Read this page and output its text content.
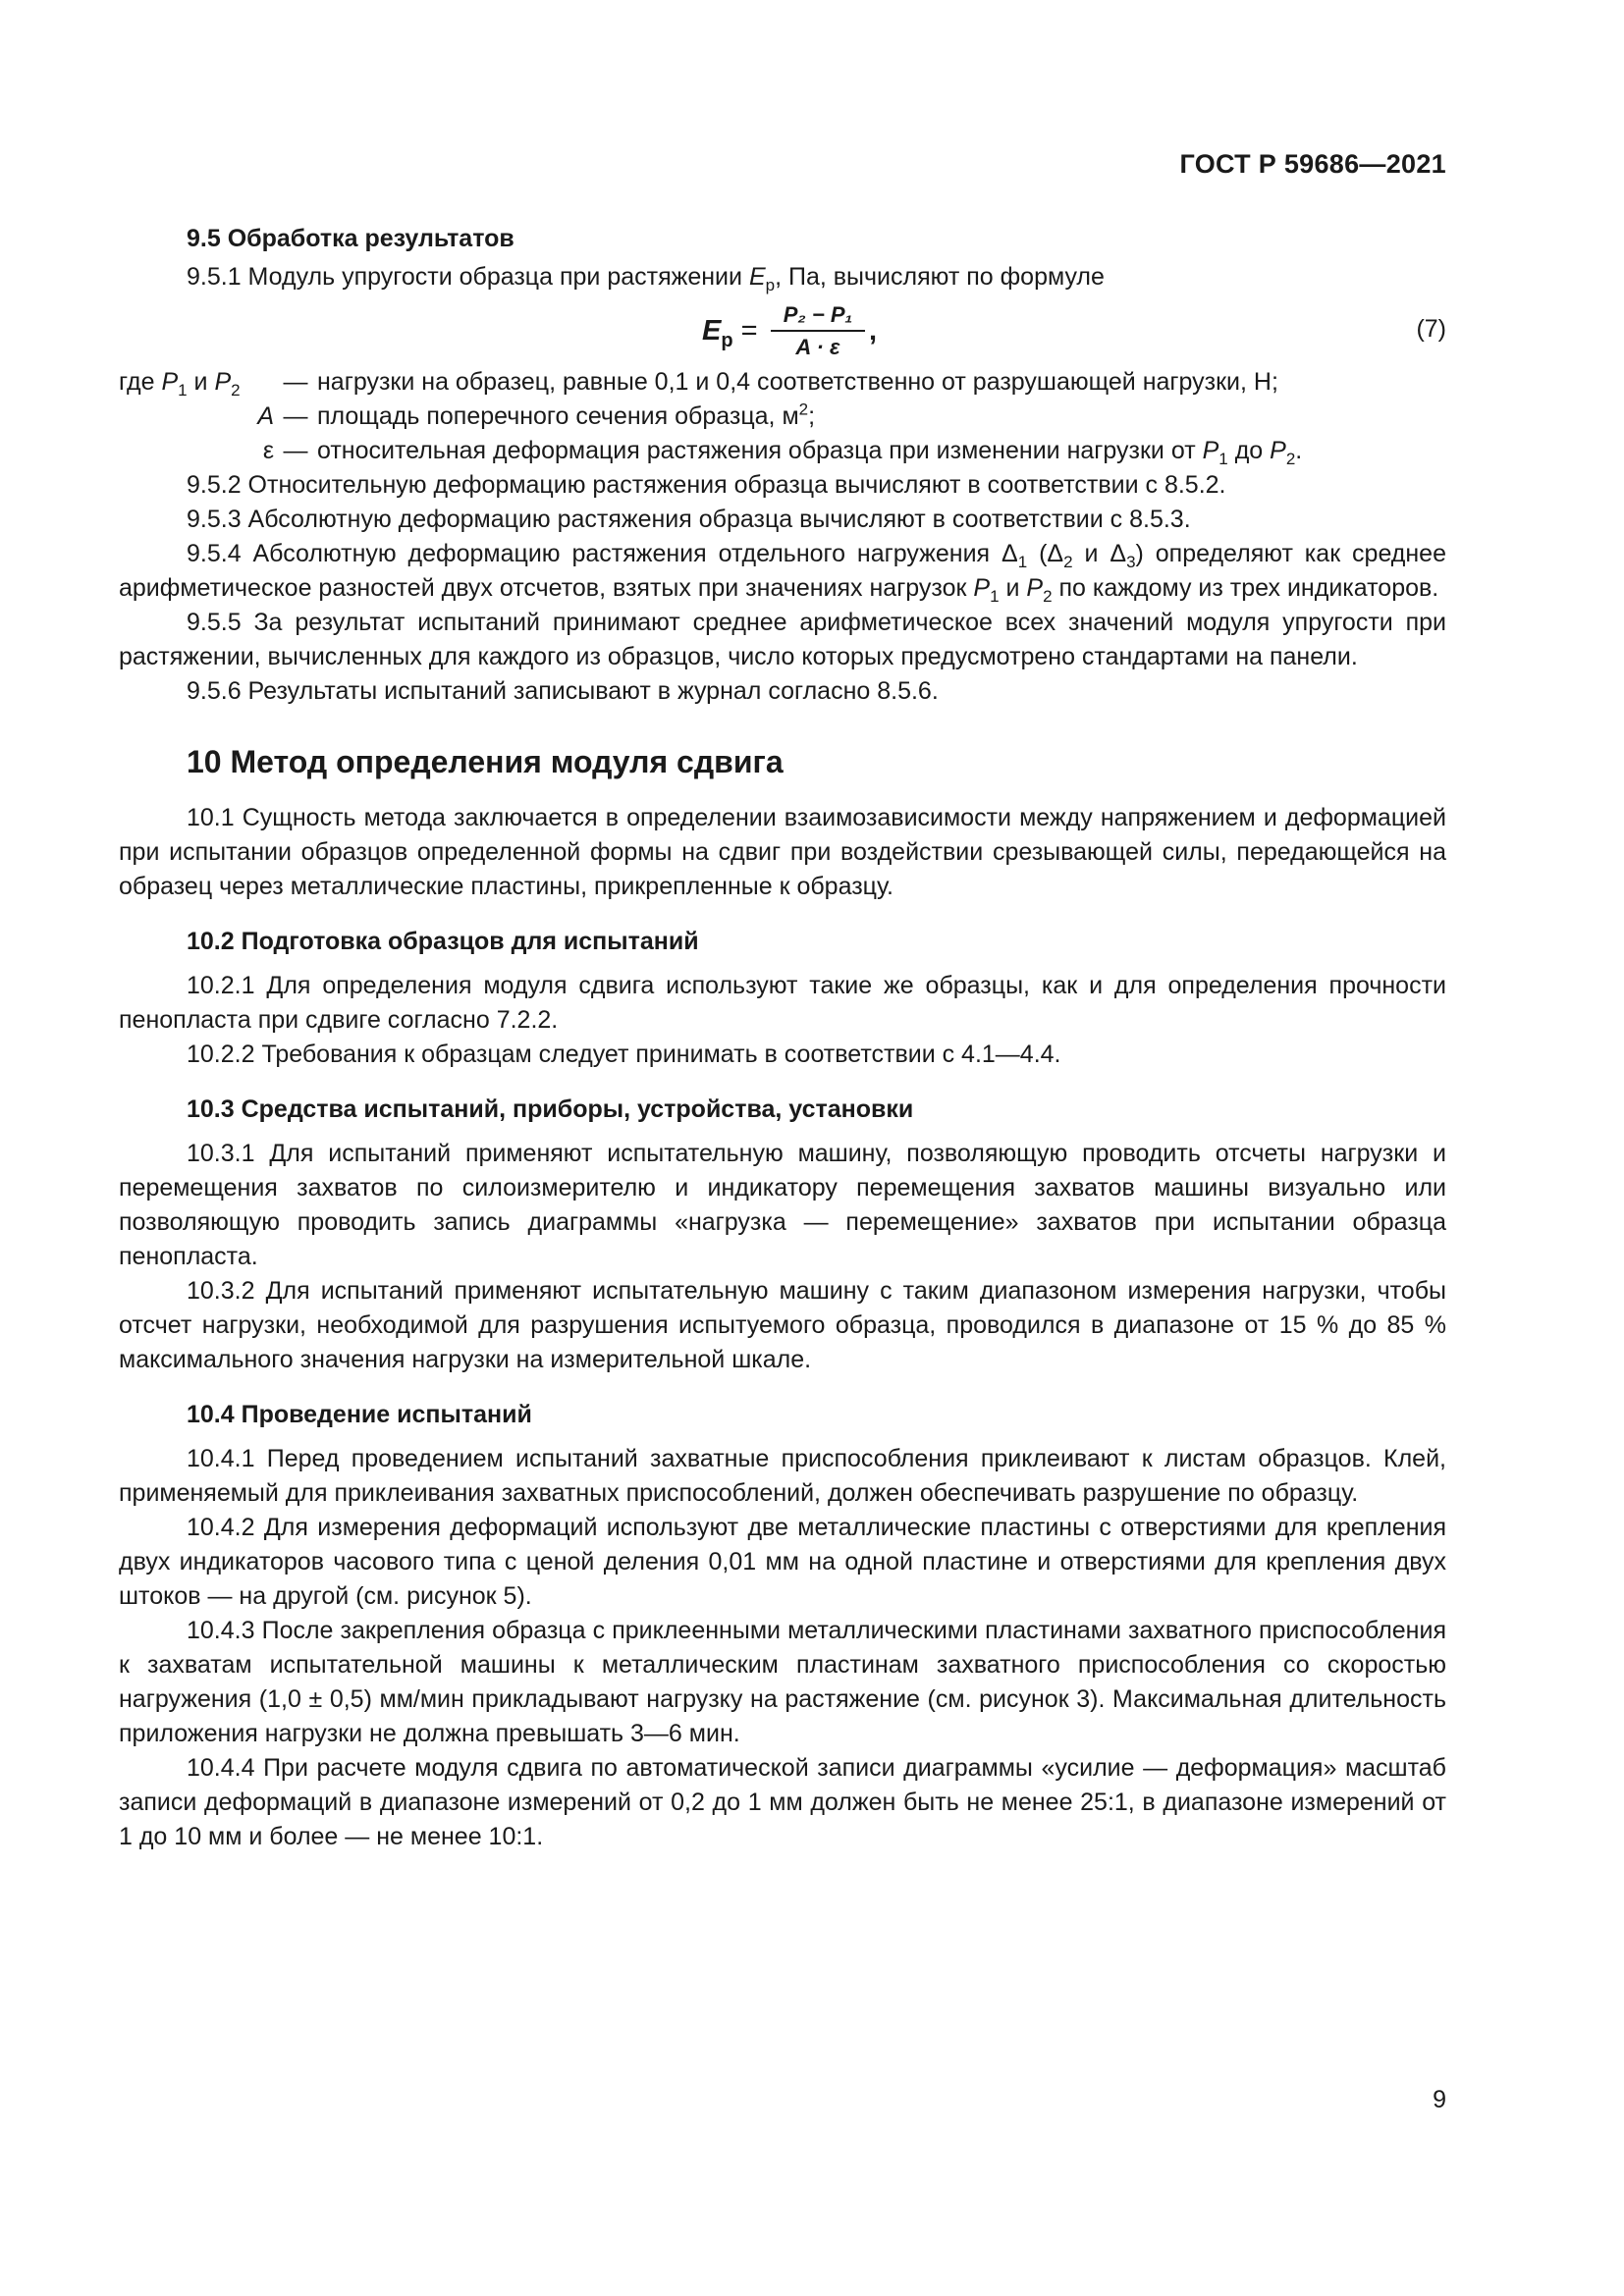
ГОСТ Р 59686—2021

9.5 Обработка результатов

9.5.1 Модуль упругости образца при растяжении $E_p$, Па, вычисляют по формуле

$E_p = \frac{\text{P₂ − P₁}}{A \cdot \varepsilon}$ ,	(7)
где $P_1$ и $P_2$	— нагрузки на образец, равные 0,1 и 0,4 соответственно от разрушающей нагрузки, Н;
A — площадь поперечного сечения образца, $м^2$;
ε — относительная деформация растяжения образца при изменении нагрузки от $P_1$ до $P_2$.

9.5.2 Относительную деформацию растяжения образца вычисляют в соответствии с 8.5.2.

9.5.3 Абсолютную деформацию растяжения образца вычисляют в соответствии с 8.5.3.

9.5.4 Абсолютную деформацию растяжения отдельного нагружения $\Delta_1$ ($\Delta_2$ и $\Delta_3$) определяют как среднее арифметическое разностей двух отсчетов, взятых при значениях нагрузок $P_1$ и $P_2$ по каждому из трех индикаторов.

9.5.5 За результат испытаний принимают среднее арифметическое всех значений модуля упругости при растяжении, вычисленных для каждого из образцов, число которых предусмотрено стандартами на панели.

9.5.6 Результаты испытаний записывают в журнал согласно 8.5.6.

10 Метод определения модуля сдвига

10.1 Сущность метода заключается в определении взаимозависимости между напряжением и деформацией при испытании образцов определенной формы на сдвиг при воздействии срезывающей силы, передающейся на образец через металлические пластины, прикрепленные к образцу.

10.2 Подготовка образцов для испытаний

10.2.1 Для определения модуля сдвига используют такие же образцы, как и для определения прочности пенопласта при сдвиге согласно 7.2.2.

10.2.2 Требования к образцам следует принимать в соответствии с 4.1—4.4.

10.3 Средства испытаний, приборы, устройства, установки

10.3.1 Для испытаний применяют испытательную машину, позволяющую проводить отсчеты нагрузки и перемещения захватов по силоизмерителю и индикатору перемещения захватов машины визуально или позволяющую проводить запись диаграммы «нагрузка — перемещение» захватов при испытании образца пенопласта.

10.3.2 Для испытаний применяют испытательную машину с таким диапазоном измерения нагрузки, чтобы отсчет нагрузки, необходимой для разрушения испытуемого образца, проводился в диапазоне от 15 % до 85 % максимального значения нагрузки на измерительной шкале.

10.4 Проведение испытаний

10.4.1 Перед проведением испытаний захватные приспособления приклеивают к листам образцов. Клей, применяемый для приклеивания захватных приспособлений, должен обеспечивать разрушение по образцу.

10.4.2 Для измерения деформаций используют две металлические пластины с отверстиями для крепления двух индикаторов часового типа с ценой деления 0,01 мм на одной пластине и отверстиями для крепления двух штоков — на другой (см. рисунок 5).

10.4.3 После закрепления образца с приклеенными металлическими пластинами захватного приспособления к захватам испытательной машины к металлическим пластинам захватного приспособления со скоростью нагружения (1,0 ± 0,5) мм/мин прикладывают нагрузку на растяжение (см. рисунок 3). Максимальная длительность приложения нагрузки не должна превышать 3—6 мин.

10.4.4 При расчете модуля сдвига по автоматической записи диаграммы «усилие — деформация» масштаб записи деформаций в диапазоне измерений от 0,2 до 1 мм должен быть не менее 25:1, в диапазоне измерений от 1 до 10 мм и более — не менее 10:1.

9
